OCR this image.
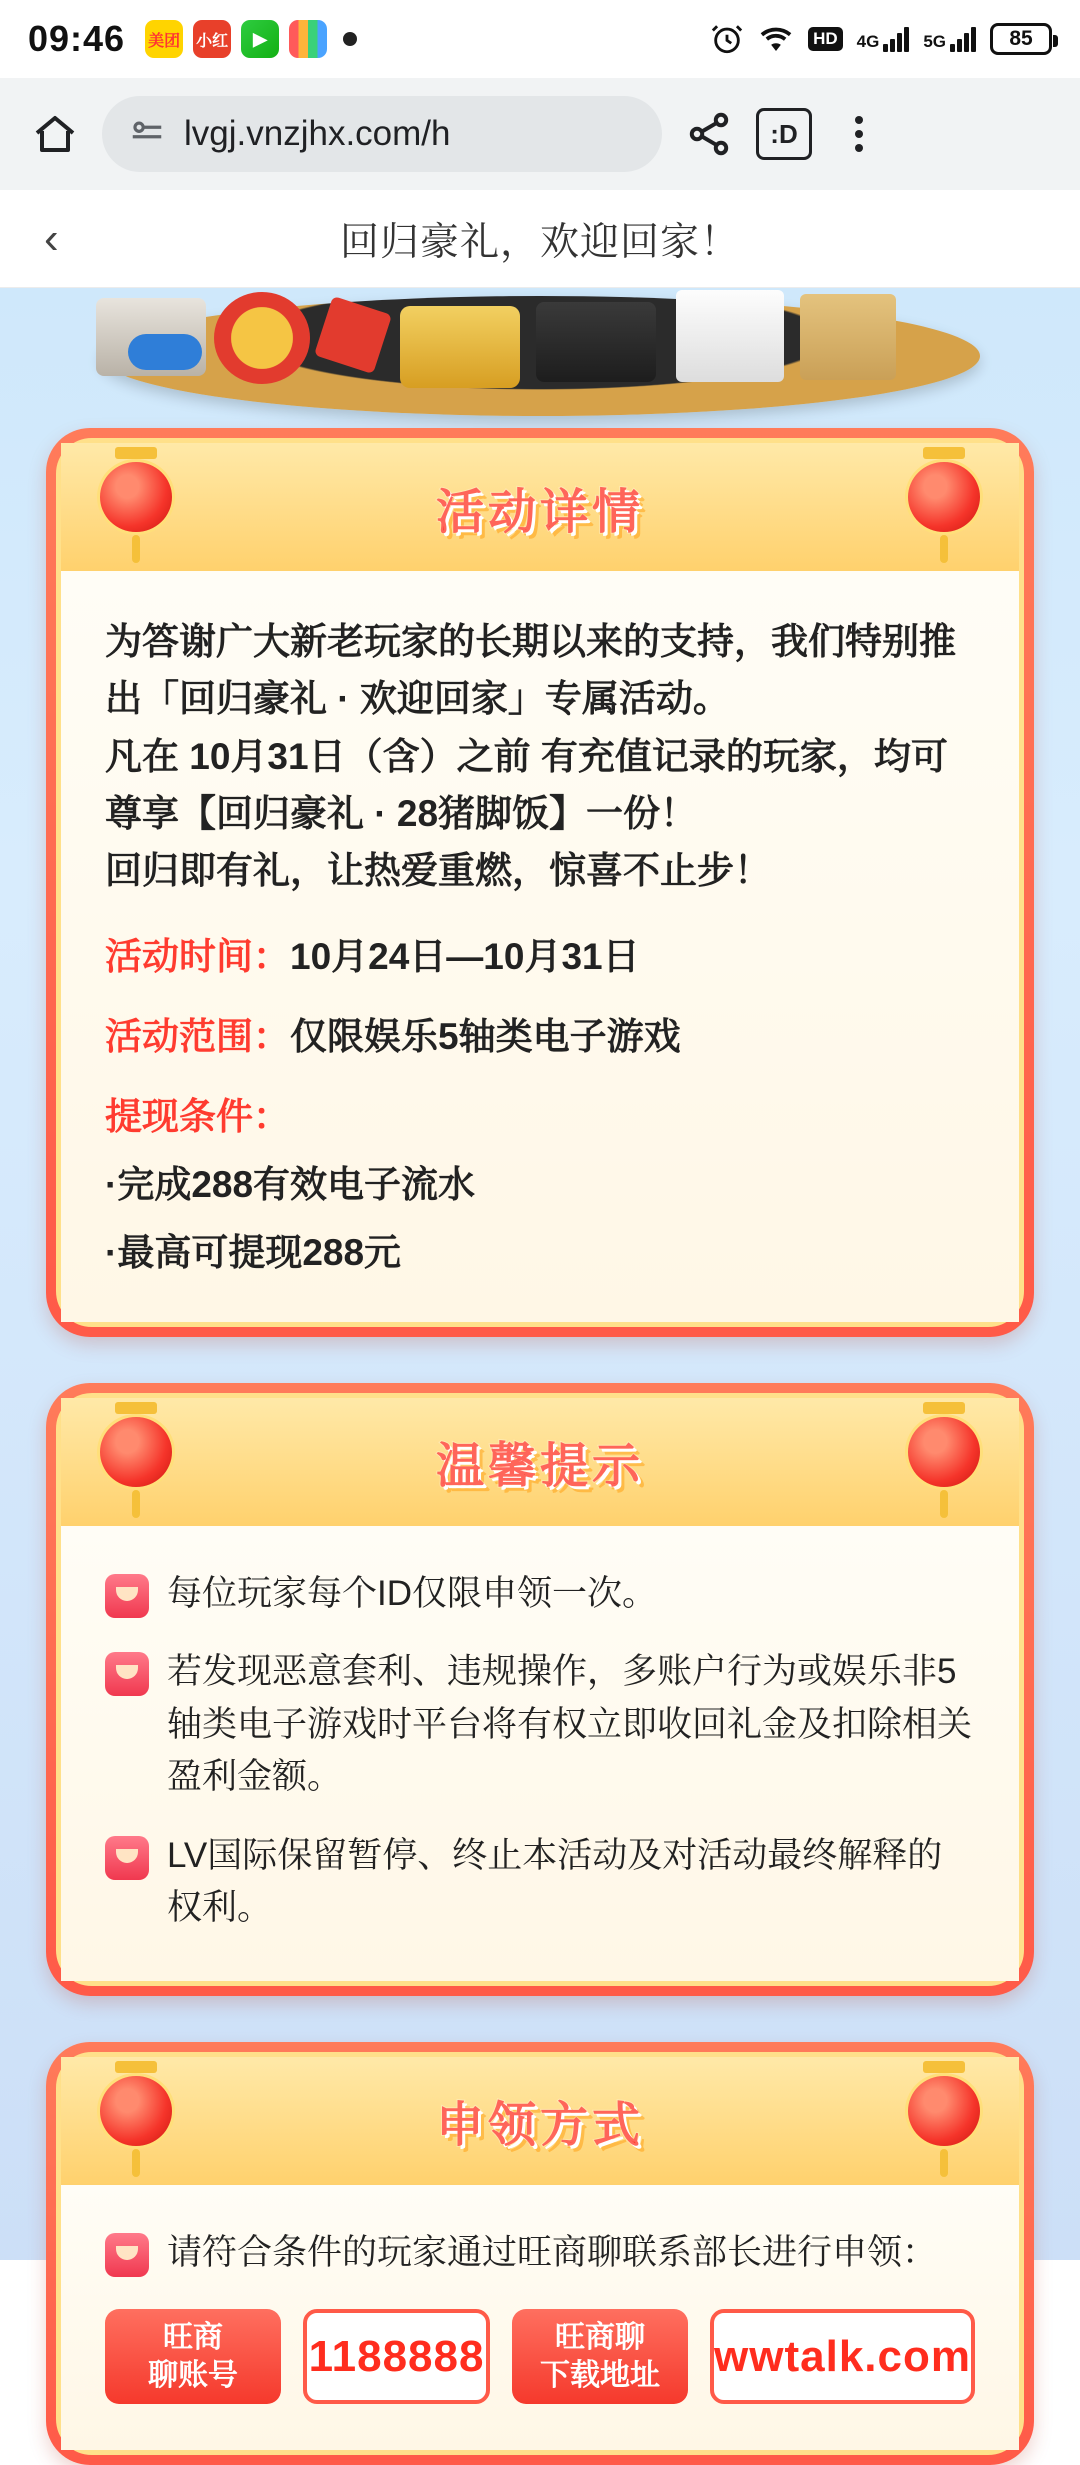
09:46 美团 小红	▶	HD 4G	5G	85
lvgj.vnzjhx.com/h	:D
‹	回归豪礼，欢迎回家！
活动详情
为答谢广大新老玩家的长期以来的支持，我们特别推出「回归豪礼 · 欢迎回家」专属活动。
凡在 10月31日（含）之前 有充值记录的玩家，均可尊享【回归豪礼 · 28猪脚饭】一份！
回归即有礼，让热爱重燃，惊喜不止步！
活动时间： 10月24日—10月31日
活动范围： 仅限娱乐5轴类电子游戏
提现条件：
·完成288有效电子流水
·最高可提现288元
温馨提示
每位玩家每个ID仅限申领一次。
若发现恶意套利、违规操作，多账户行为或娱乐非5轴类电子游戏时平台将有权立即收回礼金及扣除相关盈利金额。
LV国际保留暂停、终止本活动及对活动最终解释的权利。
申领方式
请符合条件的玩家通过旺商聊联系部长进行申领：
旺商
聊账号 1188888 旺商聊
下载地址 wwtalk.com
